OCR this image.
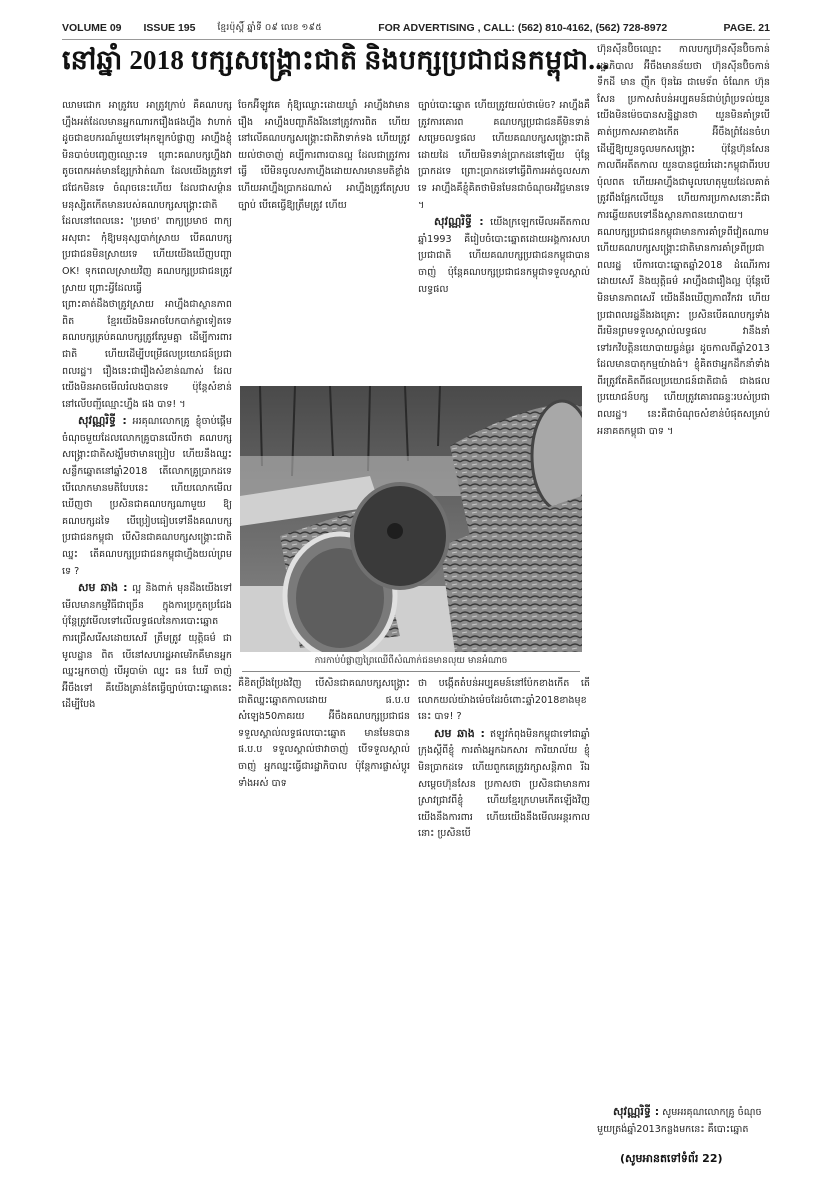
VOLUME 09 ISSUE 195 ខ្មែរប៉ុស្តិ៍ ឆ្នាំទី ០៩ លេខ ១៩៥	FOR ADVERTISING , CALL: (562) 810-4162, (562) 728-8972	PAGE. 21
នៅឆ្នាំ 2018 បក្សសង្គ្រោះជាតិ និងបក្សប្រជាជនកម្ពុជា...

ឈាមជោក អាត្រូវបេ អាត្រូវក្រាប់ គឺគណបក្សហ្នឹងអត់ដែលមានអ្នកណារករឿងផងហ្នឹង វាហាក់ដូចជាឧបករណ៍មួយទៅអុកឡុកបំផ្លាញ អាហ្នឹងខ្ញុំមិនបាច់បញ្ចេញឈ្មោះទេ ព្រោះគណបក្សហ្នឹងវាតូចពេកអត់មានខ្សែក្រវ៉ាត់ណា ដែលយើងត្រូវទៅជជែកមិនទេ ចំណុចនេះហើយ ដែលជាសម្ថ៌ានមនុស្សិតកើតមានរបស់គណបក្សសង្គ្រោះជាតិ ដែលនៅពេលនេះ 'ប្រមាថ' ពាក្យប្រមាថ ពាក្យអសុរោះ កុំឱ្យមនុស្សបាក់ស្រាយ បើគណបក្សប្រជាជនមិនស្រាយទេ ហើយយើងឃើញបញ្ហា OK! ទុកពេលស្រាយវិញ គណបក្សប្រជាជនត្រូវស្រាយ ព្រោះអ្វីដែលធ្វើ

ព្រោះគាត់ដឹងថាត្រូវស្រាយ អាហ្នឹងជាស្ថានភាពពិត ខ្មែរយើងមិនអាចបែកបាក់គ្នាទៀតទេ គណបក្សគ្រប់គណបក្សត្រូវតែរួមគ្នា ដើម្បីការពារជាតិ ហើយដើម្បីបម្រើផលប្រយោជន៍ប្រជាពលរដ្ឋ។ រឿងនេះជារឿងសំខាន់ណាស់ ដែលយើងមិនអាចមើលរំលងបានទេ ប៉ុន្តែសំខាន់នៅលើបញ្ជីឈ្មោះហ្នឹង ផង បាទ! ។

សុវណ្ណរិទ្ធី : អរគុណលោកគ្រូ ខ្ញុំចាប់ផ្ដើមចំណុចមួយដែលលោកគ្រូបានលើកថា គណបក្សសង្គ្រោះជាតិសង្ឃឹមថាមានប្រៀប ហើយនឹងឈ្នះសន្លឹកឆ្នោតនៅឆ្នាំ2018 តើលោកគ្រូប្រាកដទេ បើលោកមានមតិបែបនេះ ហើយលោកមើលឃើញថា ប្រសិនជាគណបក្សណាមួយ ឱ្យគណបក្សដទៃ បើប្រៀបធៀបទៅនឹងគណបក្សប្រជាជនកម្ពុជា បើសិនជាគណបក្សសង្គ្រោះជាតិឈ្នះ តើគណបក្សប្រជាជនកម្ពុជាហ្នឹងយល់ព្រមទេ ?

សម ឆាង : ល្អ និងពាក់ មុនដឹងយើងទៅមើលមានកម្មវិធីជាច្រើន ក្នុងការប្រកួតប្រជែង ប៉ុន្តែត្រូវមើលទៅលើលទ្ធផលនៃការបោះឆ្នោត ការជ្រើសរើសដោយសេរី ត្រឹមត្រូវ យុត្តិធម៌ ជាមូលដ្ឋាន ពិត បើនៅសហរដ្ឋអាមេរិកគឺមានអ្នកឈ្នះអ្នកចាញ់ បើអូបាម៉ា ឈ្នះ ធន ឃែរី ចាញ់អ៊ីចឹងទៅ គឺយើងគ្រាន់តែធ្វើច្បាប់បោះឆ្នោតនេះដើម្បីបែង

ចែកអ៊ីឡូវគេ កុំឱ្យឈ្លោះដោយឃ្លាំ អាហ្នឹងវាមានរឿង អាហ្នឹងបញ្ហាភឺងរីងនៅត្រូវការពិត ហើយនៅលើគណបក្សសង្គ្រោះជាតិវាទាក់ទង ហើយត្រូវយល់ថាចាញ់ គប្បីការពារបានល្អ ដែលជាត្រូវការធ្វើ បើមិនចូលសភាហ្នឹងដោយសារមានមតិខ្លាំង ហើយអាហ្នឹងប្រាកដណាស់ អាហ្នឹងត្រូវតែស្របច្បាប់ បើគេធ្វើឱ្យត្រឹមត្រូវ ហើយ

ច្បាប់បោះឆ្នោត ហើយត្រូវយល់ថាម៉េច? អាហ្នឹងគឺត្រូវការគោរព គណបក្សប្រជាជនគឺមិនទាន់សម្រេចលទ្ធផល ហើយគណបក្សសង្គ្រោះជាតិដោយដៃ ហើយមិនទាន់ប្រាកដនៅឡើយ ប៉ុន្តែប្រាកដទេ ព្រោះប្រាកដទៅធ្វើពិការអត់ចូលសភាទេ អាហ្នឹងគឺខ្ញុំគិតថាមិនមែនជាចំណុចអវិជ្ជមានទេ ។

សុវណ្ណរិទ្ធី : យើងក្រឡេកមើលអតីតកាលឆ្នាំ1993 គឺរៀបចំបោះឆ្នោតដោយអង្គការសហប្រជាជាតិ ហើយគណបក្សប្រជាជនកម្ពុជាបានចាញ់ ប៉ុន្តែគណបក្សប្រជាជនកម្ពុជាទទួលស្គាល់លទ្ធផល

ការកាប់បំផ្លាញព្រៃឈើពីសំណាក់ជនមានលុយ មានអំណាច

គឺខិតប្រឹងប្រែងវិញ បើសិនជាគណបក្សសង្គ្រោះជាតិឈ្នះឆ្នោតកាលដោយ ផ.ប.ប សំឡេង50ភាគរយ អ៊ីចឹងគណបក្សប្រជាជនទទួលស្គាល់លទ្ធផលបោះឆ្នោត មានមែនបាន ផ.ប.ប ទទួលស្គាល់ថាវាចាញ់ បើទទួលស្គាល់ចាញ់ អ្នកឈ្នះធ្វើជារដ្ឋាភិបាល ប៉ុន្តែការផ្លាស់ប្ដូរទាំងអស់ បាទ

ថា បង្កើតតំបន់អប្បគមន៍នៅប៉ែកខាងកើត តើលោកយល់យ៉ាងម៉េចដែរចំពោះឆ្នាំ2018ខាងមុខនេះ បាទ! ?

សម ឆាង : ឥឡូវកំពុងមិនកម្ពុជាទៅជាឆ្នាំ ក្រុងស្ដីពីខ្ញុំ ការតាំងអ្នកឯកសារ ការិយាល័យ ខ្ញុំមិនប្រាកដទេ ហើយពួកគេត្រូវរក្សាសន្តិភាព រីឯសម្ដេចហ៊ុនសែន ប្រកាសថា ប្រសិនជាមានការស្រាវជ្រាវពីខ្ញុំ ហើយខ្មែរក្រហមកើតឡើងវិញ យើងនឹងការពារ ហើយយើងនឹងមើលអន្តរកាលនោះ ប្រសិនបើ

ហ៊ុនស៊ីនប៊ិចឈ្មោះ កាលបក្សហ៊ុនស៊ីនប៊ិចកាន់រដ្ឋាភិបាល អ៊ីចឹងមានន័យថា ហ៊ុនស៊ីនប៊ិចកាន់ទឹកដី មាន ញ៉ឹក ប៊ុនឆៃ ជាមេទ័ព ចំណែក ហ៊ុន សែន ប្រកាសតំបន់អប្បគមន៍ជាប់ព្រំប្រទល់យួន យើងមិនម៉េចបានសន្និដ្ឋានថា យួនមិនគាំទ្របើគាត់ប្រកាសអាខាងកើត អ៊ីចឹងព្រំដែនចំហដើម្បីឱ្យយួនចូលមកសង្គ្រោះ ប៉ុន្តែហ៊ុនសែនកាលពីអតីតកាល យួនបានជួយរំដោះកម្ពុជាពីរបបប៉ុលពត ហើយអាហ្នឹងជាមូលហេតុមួយដែលគាត់ត្រូវពឹងផ្អែកលើយួន ហើយការប្រកាសនោះគឺជាការឆ្លើយតបទៅនឹងស្ថានភាពនយោបាយ។ គណបក្សប្រជាជនកម្ពុជាមានការគាំទ្រពីវៀតណាម ហើយគណបក្សសង្គ្រោះជាតិមានការគាំទ្រពីប្រជាពលរដ្ឋ បើការបោះឆ្នោតឆ្នាំ2018 ដំណើរការដោយសេរី និងយុត្តិធម៌ អាហ្នឹងជារឿងល្អ ប៉ុន្តែបើមិនមានភាពសេរី យើងនឹងឃើញភាពវឹកវរ ហើយប្រជាពលរដ្ឋនឹងរងគ្រោះ ប្រសិនបើគណបក្សទាំងពីរមិនព្រមទទួលស្គាល់លទ្ធផល វានឹងនាំទៅរកវិបត្តិនយោបាយធ្ងន់ធ្ងរ ដូចកាលពីឆ្នាំ2013 ដែលមានបាតុកម្មយ៉ាងធំ។ ខ្ញុំគិតថាអ្នកដឹកនាំទាំងពីរត្រូវតែគិតពីផលប្រយោជន៍ជាតិជាធំ ជាងផលប្រយោជន៍បក្ស ហើយត្រូវគោរពឆន្ទៈរបស់ប្រជាពលរដ្ឋ។ នេះគឺជាចំណុចសំខាន់បំផុតសម្រាប់អនាគតកម្ពុជា បាទ ។

សុវណ្ណរិទ្ធី : សូមអរគុណលោកគ្រូ ចំណុចមួយត្រង់ឆ្នាំ2013កន្លងមកនេះ គឺបោះឆ្នោត

(សូមអានតទៅទំព័រ 22)
